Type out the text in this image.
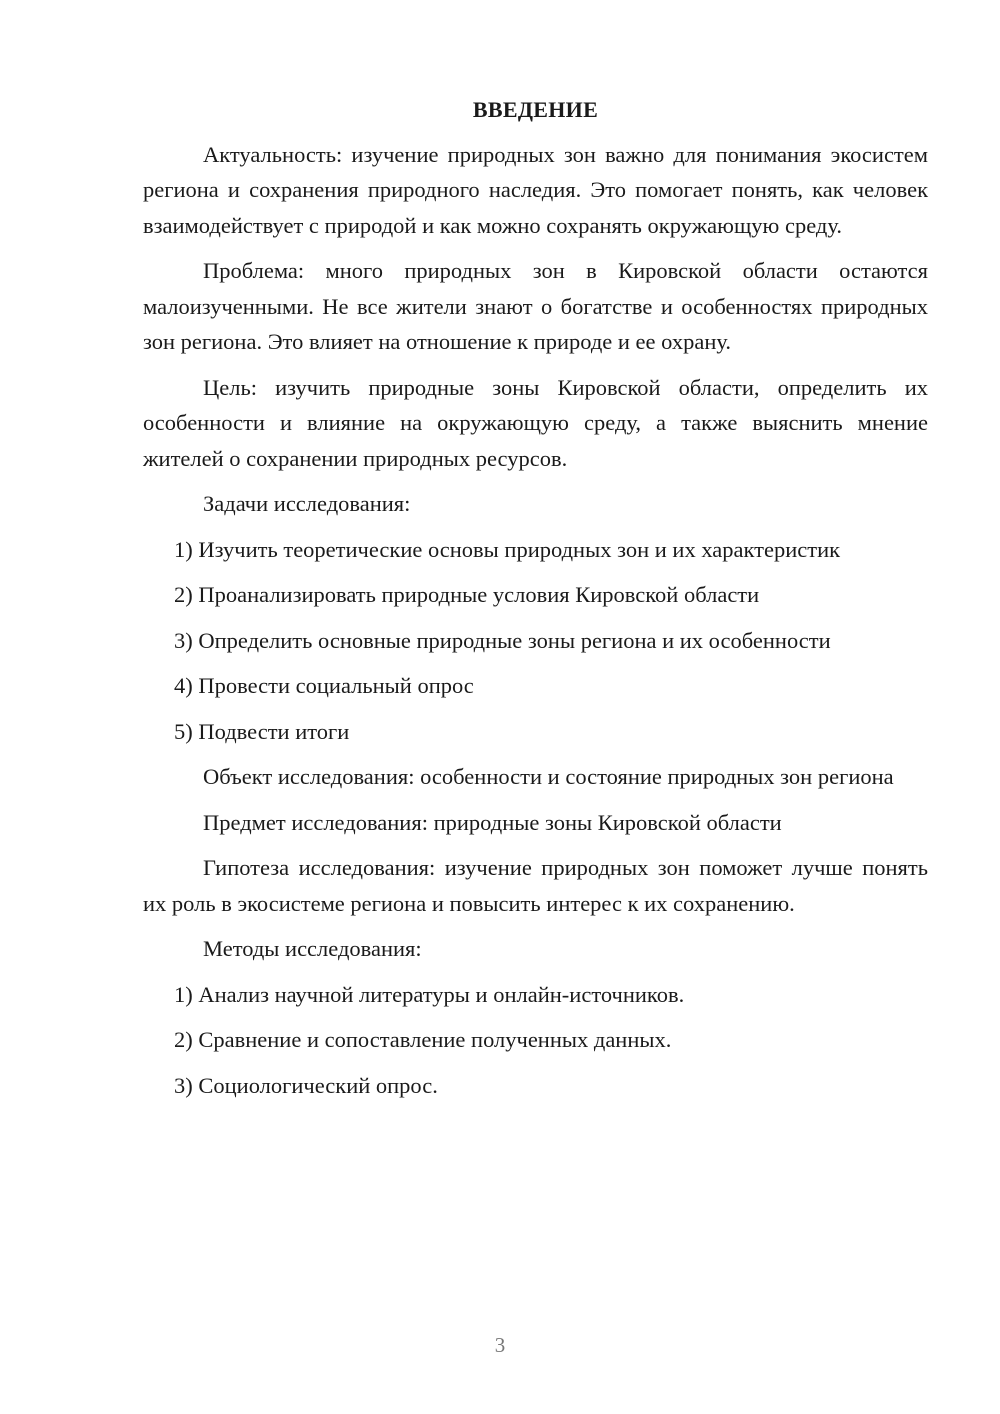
ВВЕДЕНИЕ

Актуальность: изучение природных зон важно для понимания экосистем региона и сохранения природного наследия. Это помогает понять, как человек взаимодействует с природой и как можно сохранять окружающую среду.

Проблема: много природных зон в Кировской области остаются малоизученными. Не все жители знают о богатстве и особенностях природных зон региона. Это влияет на отношение к природе и ее охрану.

Цель: изучить природные зоны Кировской области, определить их особенности и влияние на окружающую среду, а также выяснить мнение жителей о сохранении природных ресурсов.

Задачи исследования:

1) Изучить теоретические основы природных зон и их характеристик
2) Проанализировать природные условия Кировской области
3) Определить основные природные зоны региона и их особенности
4) Провести социальный опрос
5) Подвести итоги

Объект исследования: особенности и состояние природных зон региона

Предмет исследования: природные зоны Кировской области

Гипотеза исследования: изучение природных зон поможет лучше понять их роль в экосистеме региона и повысить интерес к их сохранению.

Методы исследования:

1) Анализ научной литературы и онлайн-источников.
2) Сравнение и сопоставление полученных данных.
3) Социологический опрос.
3
